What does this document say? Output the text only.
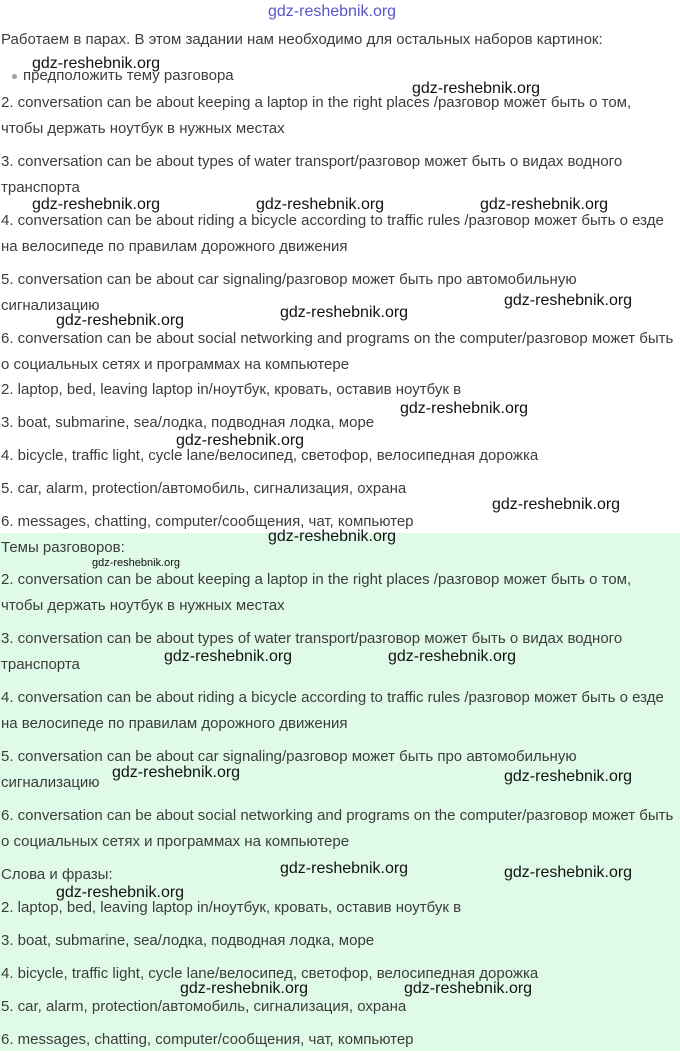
Работаем в парах. В этом задании нам необходимо для остальных наборов картинок:

предположить тему разговора

2. conversation can be about keeping a laptop in the right places /разговор может быть о том, чтобы держать ноутбук в нужных местах

3. conversation can be about types of water transport/разговор может быть о видах водного транспорта

4. conversation can be about riding a bicycle according to traffic rules /разговор может быть о езде на велосипеде по правилам дорожного движения

5. conversation can be about car signaling/разговор может быть про автомобильную сигнализацию

6. conversation can be about social networking and programs on the computer/разговор может быть о социальных сетях и программах на компьютере

2. laptop, bed, leaving laptop in/ноутбук, кровать, оставив ноутбук в

3. boat, submarine, sea/лодка, подводная лодка, море

4. bicycle, traffic light, cycle lane/велосипед, светофор, велосипедная дорожка

5. car, alarm, protection/автомобиль, сигнализация, охрана

6. messages, chatting, computer/сообщения, чат, компьютер

Темы разговоров:

2. conversation can be about keeping a laptop in the right places /разговор может быть о том, чтобы держать ноутбук в нужных местах

3. conversation can be about types of water transport/разговор может быть о видах водного транспорта

4. conversation can be about riding a bicycle according to traffic rules /разговор может быть о езде на велосипеде по правилам дорожного движения

5. conversation can be about car signaling/разговор может быть про автомобильную сигнализацию

6. conversation can be about social networking and programs on the computer/разговор может быть о социальных сетях и программах на компьютере

Слова и фразы:

2. laptop, bed, leaving laptop in/ноутбук, кровать, оставив ноутбук в

3. boat, submarine, sea/лодка, подводная лодка, море

4. bicycle, traffic light, cycle lane/велосипед, светофор, велосипедная дорожка

5. car, alarm, protection/автомобиль, сигнализация, охрана

6. messages, chatting, computer/сообщения, чат, компьютер

gdz-reshebnik.org
gdz-reshebnik.org
gdz-reshebnik.org
gdz-reshebnik.org	gdz-reshebnik.org	gdz-reshebnik.org
gdz-reshebnik.org
gdz-reshebnik.org
gdz-reshebnik.org
gdz-reshebnik.org
gdz-reshebnik.org
gdz-reshebnik.org
gdz-reshebnik.org
gdz-reshebnik.org
gdz-reshebnik.org	gdz-reshebnik.org
gdz-reshebnik.org	gdz-reshebnik.org
gdz-reshebnik.org	gdz-reshebnik.org
gdz-reshebnik.org
gdz-reshebnik.org	gdz-reshebnik.org
